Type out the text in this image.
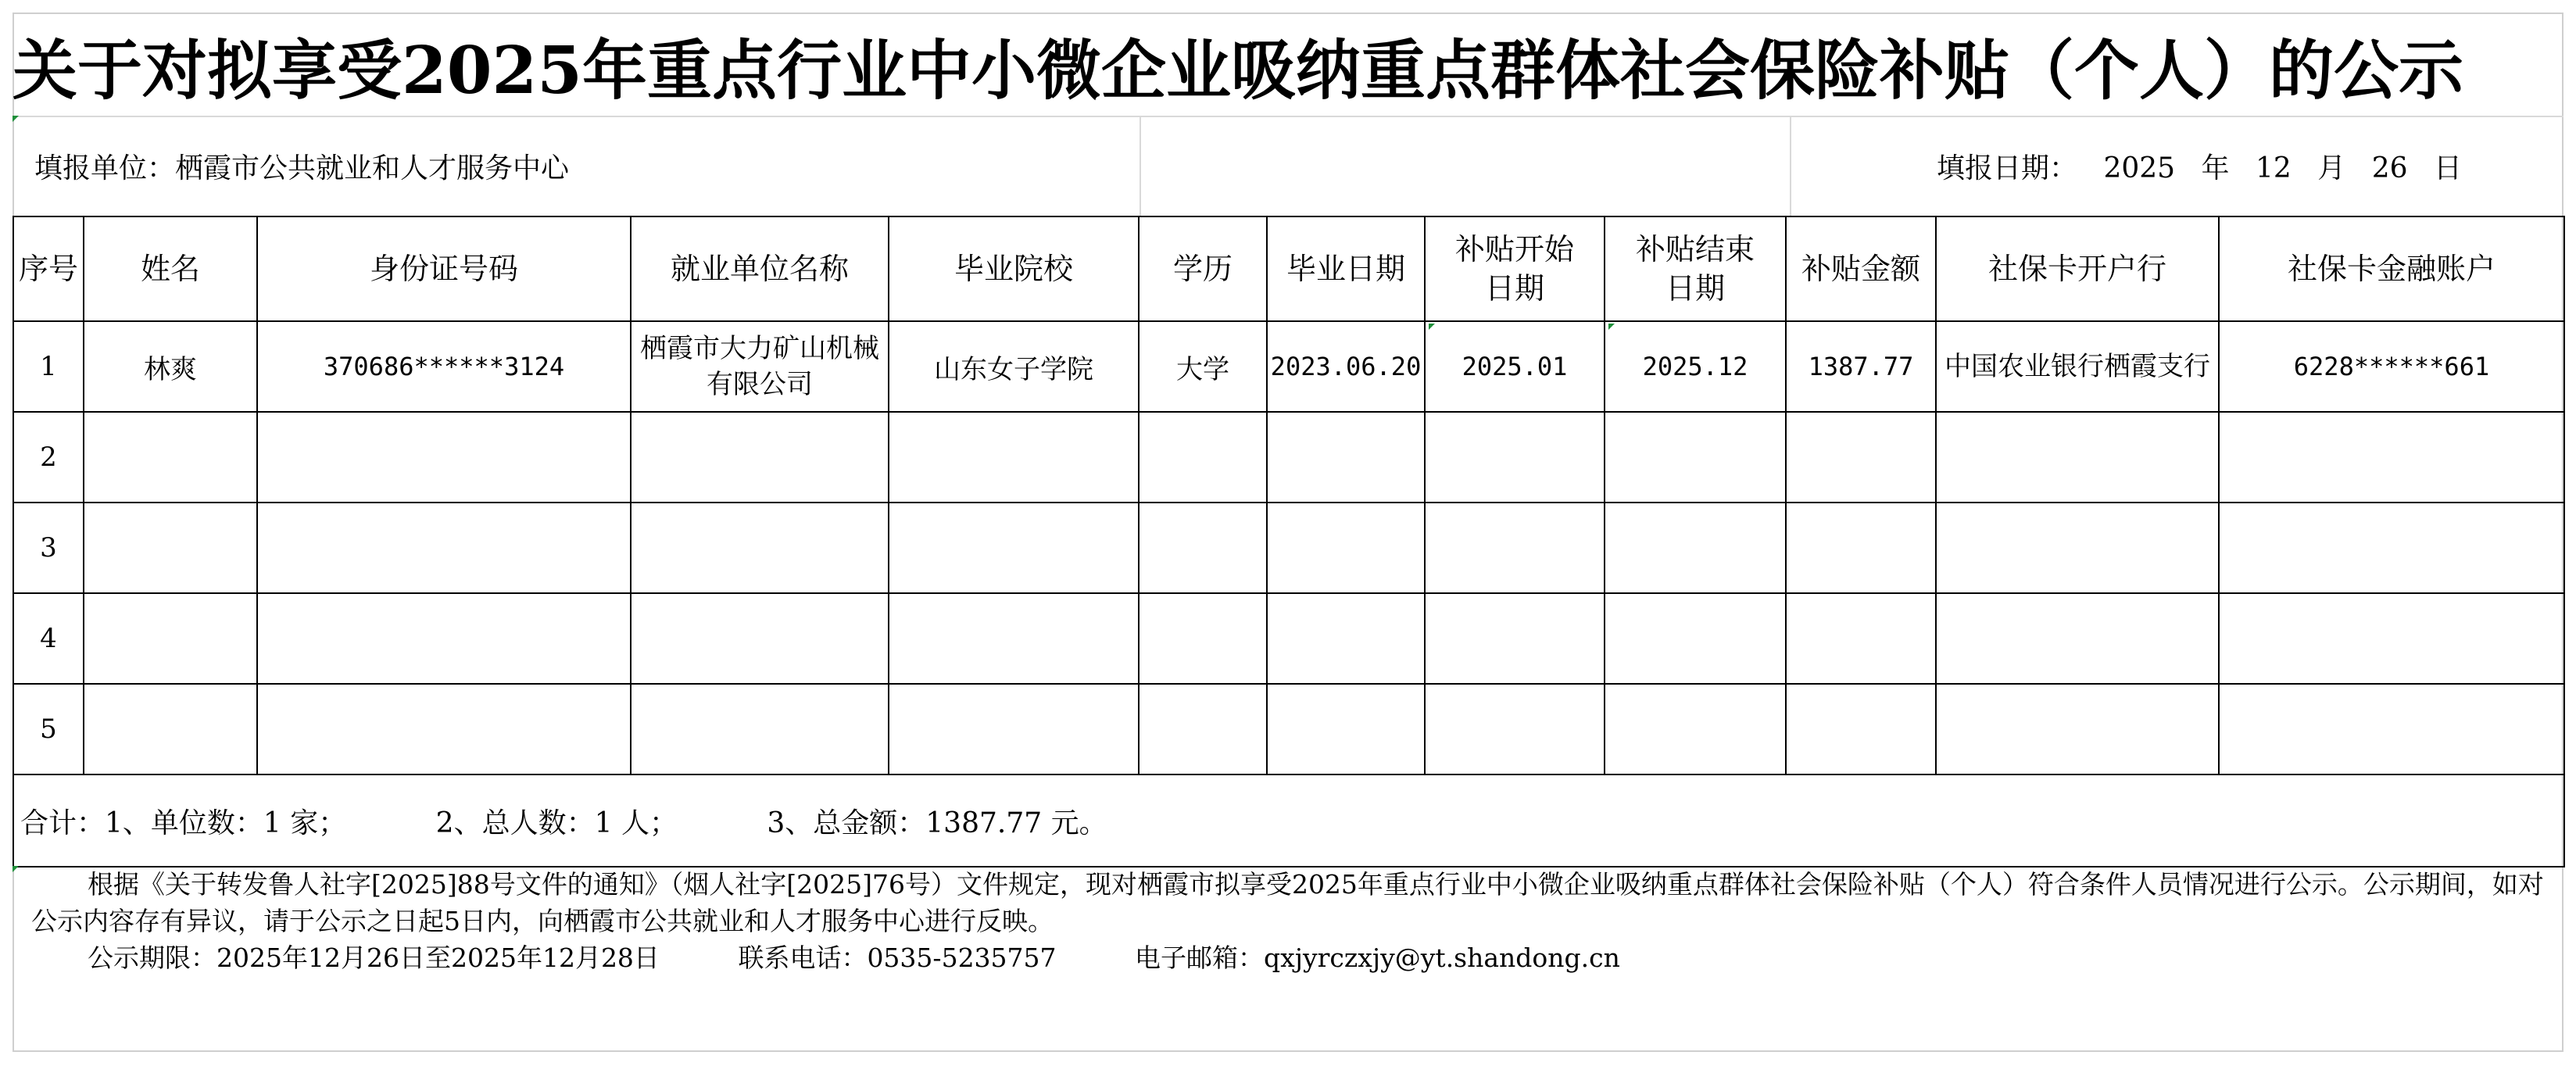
关于对拟享受2025年重点行业中小微企业吸纳重点群体社会保险补贴（个人）的公示
填报单位：栖霞市公共就业和人才服务中心	填报日期： 2025 年 12 月 26 日
序号	姓名	身份证号码	就业单位名称	毕业院校	学历	毕业日期	补贴开始日期	补贴结束日期	补贴金额	社保卡开户行	社保卡金融账户
1	林爽	370686******3124	栖霞市大力矿山机械有限公司	山东女子学院	大学	2023.06.20	2025.01	2025.12	1387.77	中国农业银行栖霞支行	6228******661
2											
3											
4											
5											
合计：1、单位数：1 家；          2、总人数：1 人；          3、总金额：1387.77 元。											
根据《关于转发鲁人社字[2025]88号文件的通知》（烟人社字[2025]76号）文件规定，现对栖霞市拟享受2025年重点行业中小微企业吸纳重点群体社会保险补贴（个人）符合条件人员情况进行公示。公示期间，如对公示内容存有异议，请于公示之日起5日内，向栖霞市公共就业和人才服务中心进行反映。
公示期限：2025年12月26日至2025年12月28日	联系电话：0535-5235757	电子邮箱：qxjyrczxjy@yt.shandong.cn
